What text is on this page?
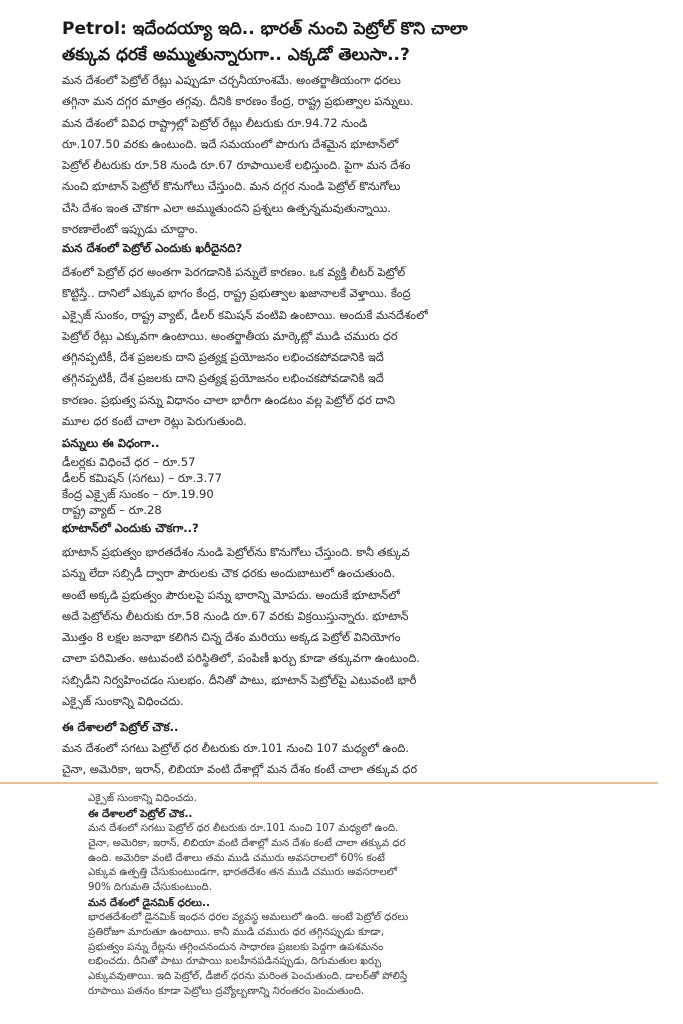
Petrol: ఇదేందయ్యా ఇది.. భారత్ నుంచి పెట్రోల్ కొని చాలా
తక్కువ ధరకే అమ్ముతున్నారుగా.. ఎక్కడో తెలుసా..?
మన దేశంలో పెట్రోల్ రేట్లు ఎప్పుడూ చర్చనీయాంశమే. అంతర్జాతీయంగా ధరలు
తగ్గినా మన దగ్గర మాత్రం తగ్గవు. దీనికి కారణం కేంద్ర, రాష్ట్ర ప్రభుత్వాల పన్నులు.
మన దేశంలో వివిధ రాష్ట్రాల్లో పెట్రోల్ రేట్లు లీటరుకు రూ.94.72 నుండి
రూ.107.50 వరకు ఉంటుంది. ఇదే సమయంలో పొరుగు దేశమైన భూటాన్‌లో
పెట్రోల్ లీటరుకు రూ.58 నుండి రూ.67 రూపాయిలకే లభిస్తుంది. పైగా మన దేశం
నుంచి భూటాన్ పెట్రోల్ కొనుగోలు చేస్తుంది. మన దగ్గర నుండి పెట్రోల్ కొనుగోలు
చేసి దేశం ఇంత చౌకగా ఎలా అమ్ముతుందని ప్రశ్నలు ఉత్పన్నమవుతున్నాయి.
కారణాలేంటో ఇప్పుడు చూద్దాం.
మన దేశంలో పెట్రోల్ ఎందుకు ఖరీదైనది?
దేశంలో పెట్రోల్ ధర అంతగా పెరగడానికి పన్నులే కారణం. ఒక వ్యక్తి లీటర్ పెట్రోల్
కొట్టిస్తే.. దానిలో ఎక్కువ భాగం కేంద్ర, రాష్ట్ర ప్రభుత్వాల ఖజానాలకే వెళ్తాయి. కేంద్ర
ఎక్సైజ్ సుంకం, రాష్ట్ర వ్యాట్, డీలర్ కమిషన్ వంటివి ఉంటాయి. అందుకే మనదేశంలో
పెట్రోల్ రేట్లు ఎక్కువగా ఉంటాయి. అంతర్జాతీయ మార్కెట్లో ముడి చమురు ధర
తగ్గినప్పటికీ, దేశ ప్రజలకు దాని ప్రత్యక్ష ప్రయోజనం లభించకపోవడానికి ఇదే
తగ్గినప్పటికీ, దేశ ప్రజలకు దాని ప్రత్యక్ష ప్రయోజనం లభించకపోవడానికి ఇదే
కారణం. ప్రభుత్వ పన్ను విధానం చాలా భారీగా ఉండటం వల్ల పెట్రోల్ ధర దాని
మూల ధర కంటే చాలా రెట్లు పెరుగుతుంది.
పన్నులు ఈ విధంగా..
డీలర్లకు విధించే ధర – రూ.57
డీలర్ కమిషన్ (సగటు) – రూ.3.77
కేంద్ర ఎక్సైజ్ సుంకం – రూ.19.90
రాష్ట్ర వ్యాట్ – రూ.28
భూటాన్‌లో ఎందుకు చౌకగా..?
భూటాన్ ప్రభుత్వం భారతదేశం నుండి పెట్రోల్‌ను కొనుగోలు చేస్తుంది. కానీ తక్కువ
పన్ను లేదా సబ్సిడీ ద్వారా పౌరులకు చౌక ధరకు అందుబాటులో ఉంచుతుంది.
అంటే అక్కడి ప్రభుత్వం పౌరులపై పన్ను భారాన్ని మోపదు. అందుకే భూటాన్‌లో
అదే పెట్రోల్‌ను లీటరుకు రూ.58 నుండి రూ.67 వరకు విక్రయిస్తున్నారు. భూటాన్
మొత్తం 8 లక్షల జనాభా కలిగిన చిన్న దేశం మరియు అక్కడ పెట్రోల్ వినియోగం
చాలా పరిమితం. అటువంటి పరిస్థితిలో, పంపిణీ ఖర్చు కూడా తక్కువగా ఉంటుంది.
సబ్సిడీని నిర్వహించడం సులభం. దీనితో పాటు, భూటాన్ పెట్రోల్‌పై ఎటువంటి భారీ
ఎక్సైజ్ సుంకాన్ని విధించదు.
ఈ దేశాలలో పెట్రోల్ చౌక..
మన దేశంలో సగటు పెట్రోల్ ధర లీటరుకు రూ.101 నుంచి 107 మధ్యలో ఉంది.
చైనా, అమెరికా, ఇరాన్, లిబియా వంటి దేశాల్లో మన దేశం కంటే చాలా తక్కువ ధర
ఎక్సైజ్ సుంకాన్ని విధించదు.
ఈ దేశాలలో పెట్రోల్ చౌక..
మన దేశంలో సగటు పెట్రోల్ ధర లీటరుకు రూ.101 నుంచి 107 మధ్యలో ఉంది.
చైనా, అమెరికా, ఇరాన్, లిబియా వంటి దేశాల్లో మన దేశం కంటే చాలా తక్కువ ధర
ఉంది. అమెరికా వంటి దేశాలు తమ ముడి చమురు అవసరాలలో 60% కంటే
ఎక్కువ ఉత్పత్తి చేసుకుంటుండగా, భారతదేశం తన ముడి చమురు అవసరాలలో
90% దిగుమతి చేసుకుంటుంది.
మన దేశంలో డైనమిక్ ధరలు..
భారతదేశంలో డైనమిక్ ఇంధన ధరల వ్యవస్థ అమలులో ఉంది. అంటే పెట్రోల్ ధరలు
ప్రతిరోజూ మారుతూ ఉంటాయి. కానీ ముడి చమురు ధర తగ్గినప్పుడు కూడా,
ప్రభుత్వం పన్ను రేట్లను తగ్గించనందున సాధారణ ప్రజలకు పెద్దగా ఉపశమనం
లభించదు. దీనితో పాటు రూపాయి బలహీనపడినప్పుడు, దిగుమతుల ఖర్చు
ఎక్కువవుతాయి. ఇది పెట్రోల్, డీజిల్ ధరను మరింత పెంచుతుంది. డాలర్‌తో పోలిస్తే
రూపాయి పతనం కూడా పెట్రోలు ద్రవ్యోల్బణాన్ని నిరంతరం పెంచుతుంది.
